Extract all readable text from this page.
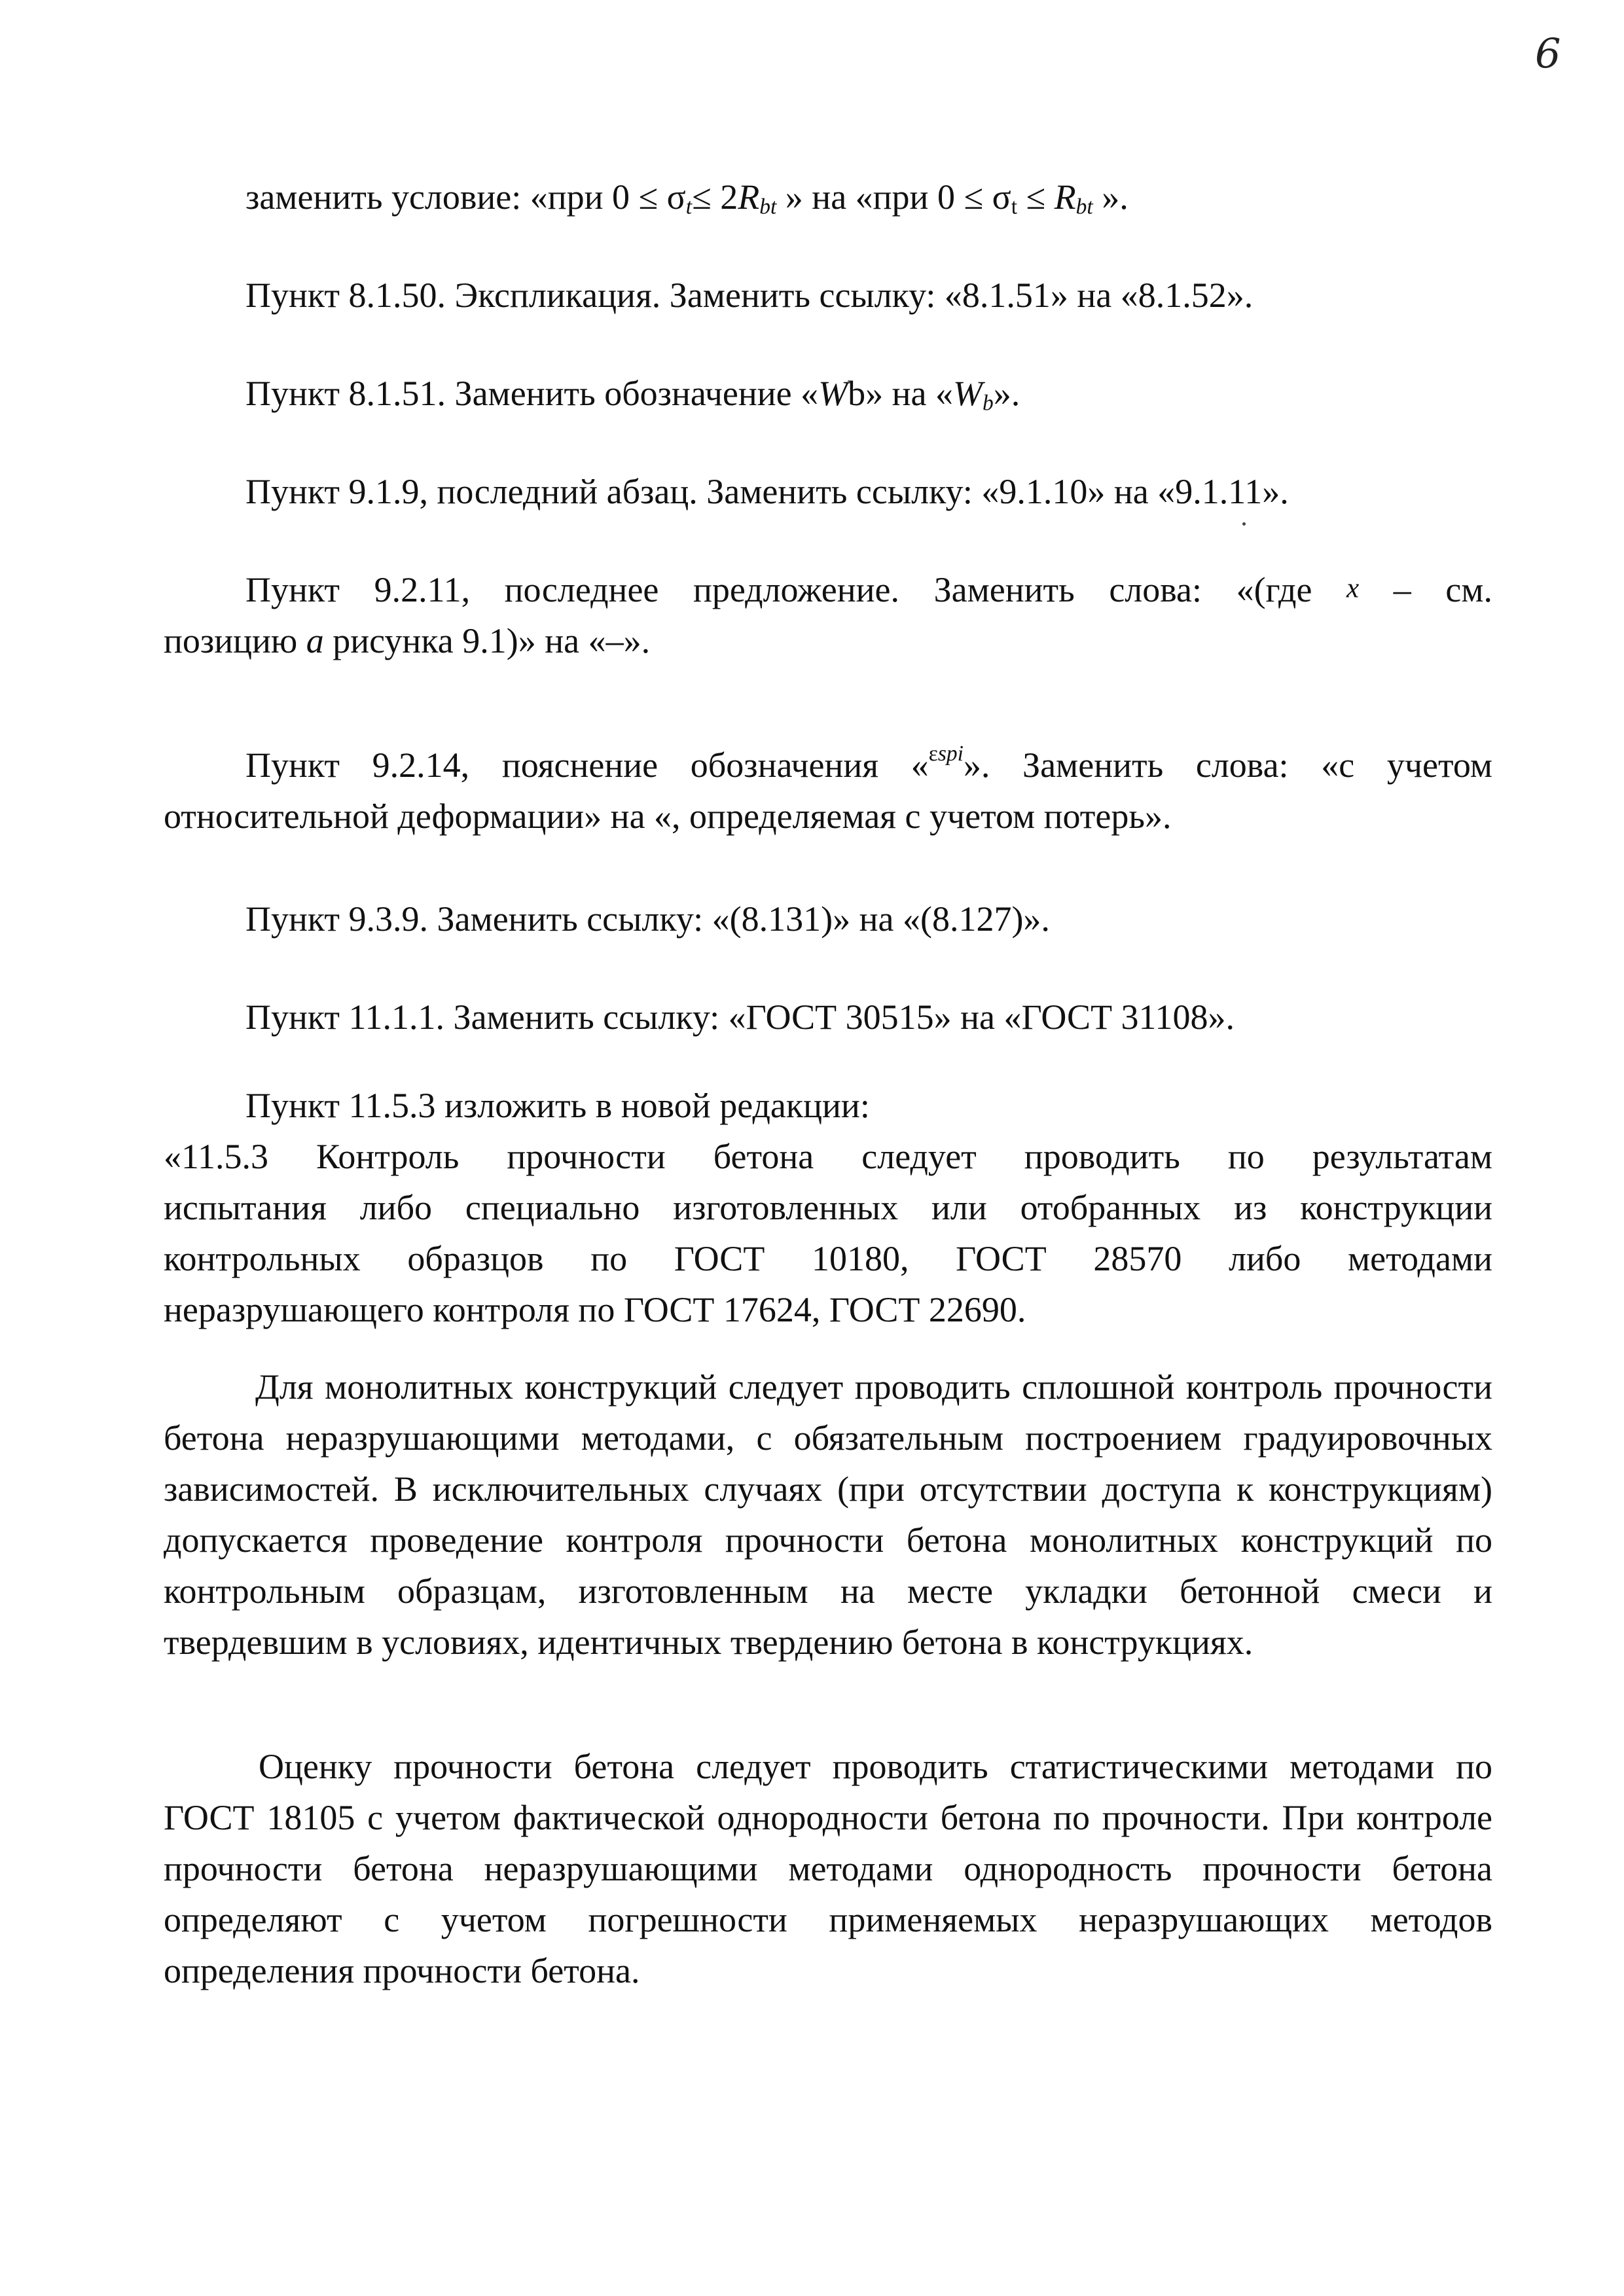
6

заменить условие: «при $0 \le \sigma_t\le 2R_{bt}$ » на «при $0 \le \sigma_t \le R_{bt}$ ».

Пункт 8.1.50. Экспликация. Заменить ссылку: «8.1.51» на «8.1.52».

Пункт 8.1.51. Заменить обозначение «Wb» на «$W_b$».

Пункт 9.1.9, последний абзац. Заменить ссылку: «9.1.10» на «9.1.11».

Пункт 9.2.11, последнее предложение. Заменить слова: «(где x – см.

позицию а рисунка 9.1)» на «–».

Пункт 9.2.14, пояснение обозначения «$^{\varepsilon spi}$». Заменить слова: «с учетом

относительной деформации» на «, определяемая с учетом потерь».

Пункт 9.3.9. Заменить ссылку: «(8.131)» на «(8.127)».

Пункт 11.1.1. Заменить ссылку: «ГОСТ 30515» на «ГОСТ 31108».

Пункт 11.5.3 изложить в новой редакции:

«11.5.3 Контроль прочности бетона следует проводить по результатам

испытания либо специально изготовленных или отобранных из конструкции

контрольных образцов по ГОСТ 10180, ГОСТ 28570 либо методами

неразрушающего контроля по ГОСТ 17624, ГОСТ 22690.

Для монолитных конструкций следует проводить сплошной контроль прочности бетона неразрушающими методами, с обязательным построением градуировочных зависимостей. В исключительных случаях (при отсутствии доступа к конструкциям) допускается проведение контроля прочности бетона монолитных конструкций по контрольным образцам, изготовленным на месте укладки бетонной смеси и твердевшим в условиях, идентичных твердению бетона в конструкциях.

Оценку прочности бетона следует проводить статистическими методами по ГОСТ 18105 с учетом фактической однородности бетона по прочности. При контроле прочности бетона неразрушающими методами однородность прочности бетона определяют с учетом погрешности применяемых неразрушающих методов определения прочности бетона.
